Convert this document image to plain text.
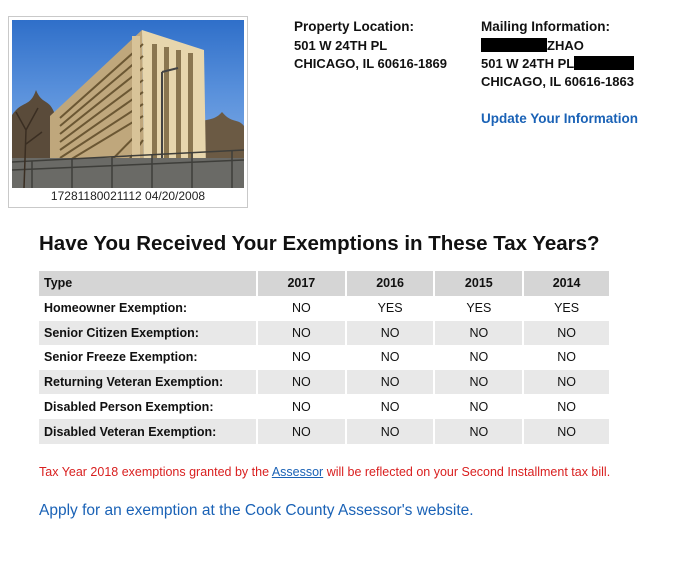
17281180021112 04/20/2008
Property Location:
501 W 24TH PL
CHICAGO, IL 60616-1869
Mailing Information:
ZHAO
501 W 24TH PL
CHICAGO, IL 60616-1863
Update Your Information
Have You Received Your Exemptions in These Tax Years?
Type	2017	2016	2015	2014
Homeowner Exemption:	NO	YES	YES	YES
Senior Citizen Exemption:	NO	NO	NO	NO
Senior Freeze Exemption:	NO	NO	NO	NO
Returning Veteran Exemption:	NO	NO	NO	NO
Disabled Person Exemption:	NO	NO	NO	NO
Disabled Veteran Exemption:	NO	NO	NO	NO
Tax Year 2018 exemptions granted by the Assessor will be reflected on your Second Installment tax bill.
Apply for an exemption at the Cook County Assessor's website.
